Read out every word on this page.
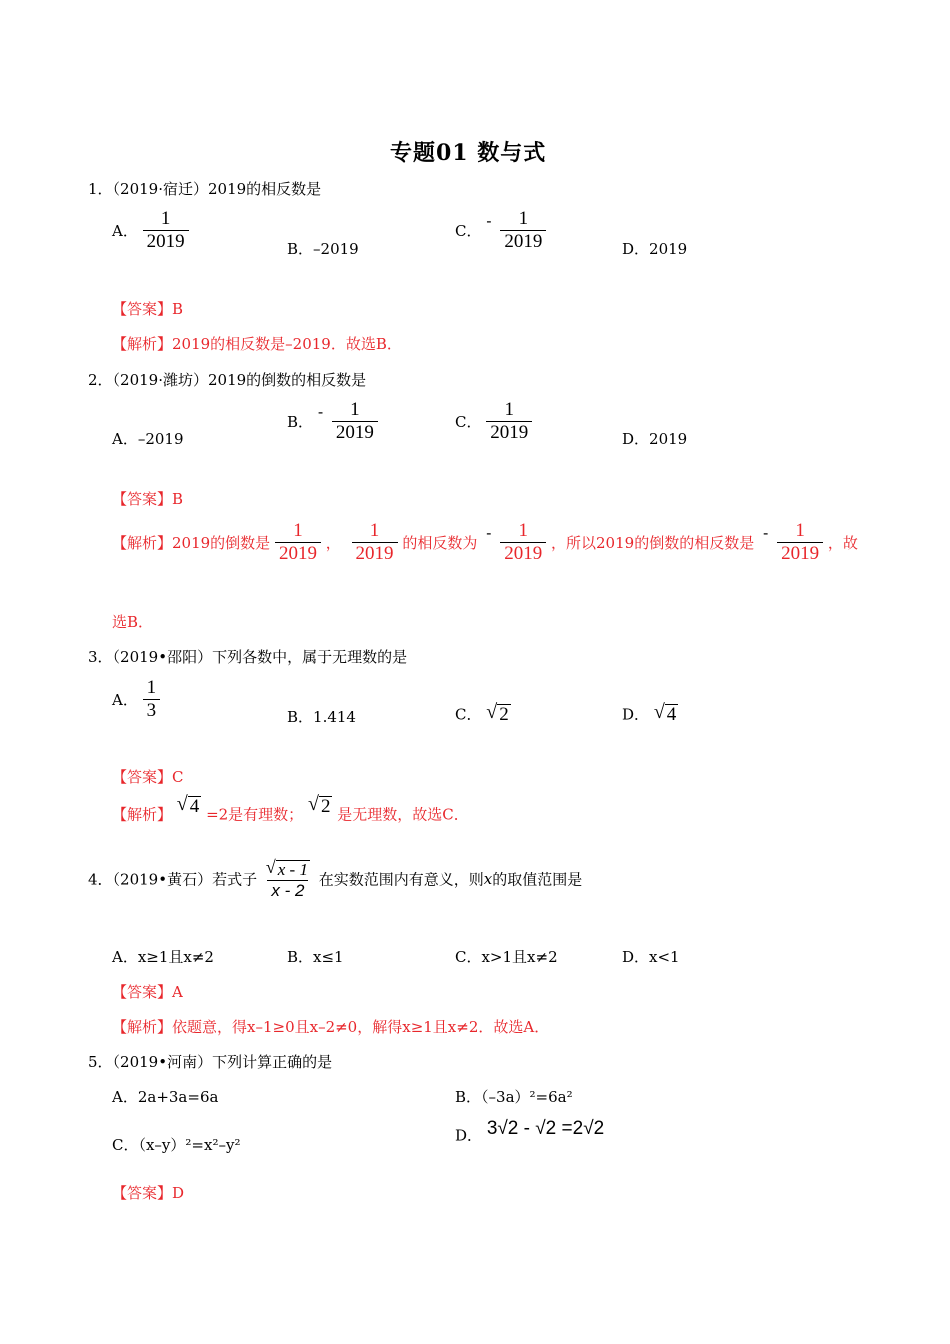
专题01 数与式
1．（2019·宿迁）2019的相反数是
A． $\frac{1}{2019}$	B．–2019
C． - $\frac{1}{2019}$	D．2019
【答案】B
【解析】2019的相反数是–2019．故选B．
2．（2019·潍坊）2019的倒数的相反数是
A．–2019
B． - $\frac{1}{2019}$	C． $\frac{1}{2019}$	D．2019
【答案】B
【解析】2019的倒数是 $\frac{1}{2019}$ ， $\frac{1}{2019}$ 的相反数为 - $\frac{1}{2019}$ ，所以2019的倒数的相反数是 - $\frac{1}{2019}$ ，故
选B．
3．（2019•邵阳）下列各数中，属于无理数的是
A． $\frac{1}{3}$	B．1.414	C． √ 2	D． √ 4
【答案】C
【解析】 √ 4 =2是有理数； √ 2 是无理数，故选C．
4．（2019•黄石）若式子 $\frac{√ x - 1}{x - 2}$ 在实数范围内有意义，则x的取值范围是
A．x≥1且x≠2	B．x≤1	C．x>1且x≠2	D．x<1
【答案】A
【解析】依题意，得x–1≥0且x–2≠0，解得x≥1且x≠2．故选A．
5．（2019•河南）下列计算正确的是
A．2a+3a=6a	B．（–3a）²=6a²
C．（x–y）²=x²–y²
D． 3√2 - √2 =2√2
【答案】D
